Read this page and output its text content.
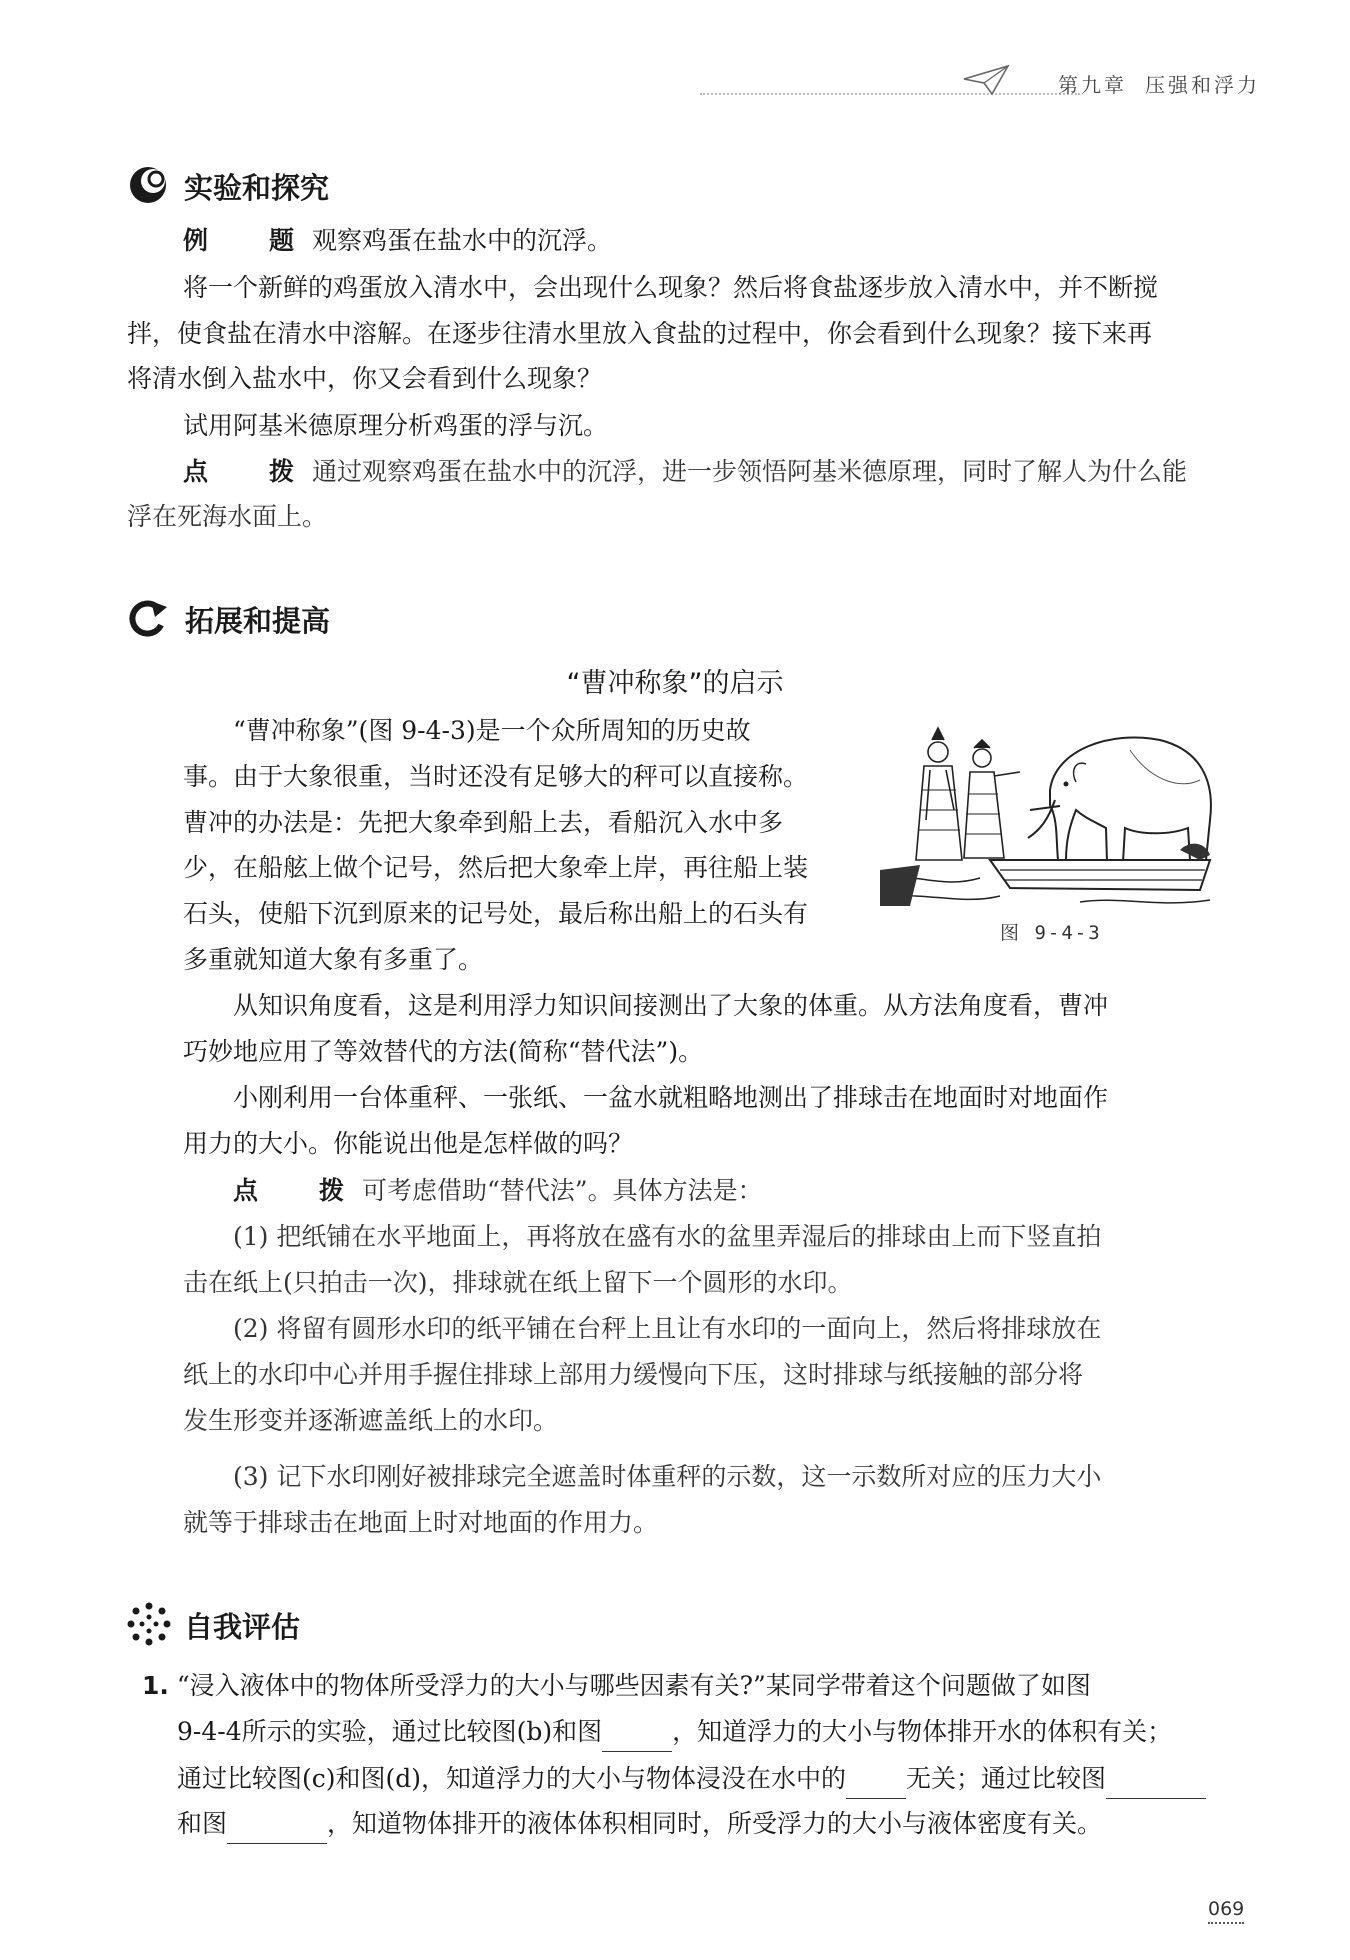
第九章 压强和浮力
实验和探究

例　题观察鸡蛋在盐水中的沉浮。

将一个新鲜的鸡蛋放入清水中，会出现什么现象？然后将食盐逐步放入清水中，并不断搅

拌，使食盐在清水中溶解。在逐步往清水里放入食盐的过程中，你会看到什么现象？接下来再

将清水倒入盐水中，你又会看到什么现象？

试用阿基米德原理分析鸡蛋的浮与沉。

点　拨通过观察鸡蛋在盐水中的沉浮，进一步领悟阿基米德原理，同时了解人为什么能

浮在死海水面上。

拓展和提高
“曹冲称象”的启示

“曹冲称象”(图 9-4-3)是一个众所周知的历史故

事。由于大象很重，当时还没有足够大的秤可以直接称。

曹冲的办法是：先把大象牵到船上去，看船沉入水中多

少，在船舷上做个记号，然后把大象牵上岸，再往船上装

石头，使船下沉到原来的记号处，最后称出船上的石头有

多重就知道大象有多重了。

图 9-4-3

从知识角度看，这是利用浮力知识间接测出了大象的体重。从方法角度看，曹冲

巧妙地应用了等效替代的方法(简称“替代法”)。

小刚利用一台体重秤、一张纸、一盆水就粗略地测出了排球击在地面时对地面作

用力的大小。你能说出他是怎样做的吗？

点　拨可考虑借助“替代法”。具体方法是：

(1) 把纸铺在水平地面上，再将放在盛有水的盆里弄湿后的排球由上而下竖直拍

击在纸上(只拍击一次)，排球就在纸上留下一个圆形的水印。

(2) 将留有圆形水印的纸平铺在台秤上且让有水印的一面向上，然后将排球放在

纸上的水印中心并用手握住排球上部用力缓慢向下压，这时排球与纸接触的部分将

发生形变并逐渐遮盖纸上的水印。

(3) 记下水印刚好被排球完全遮盖时体重秤的示数，这一示数所对应的压力大小

就等于排球击在地面上时对地面的作用力。

自我评估

1. “浸入液体中的物体所受浮力的大小与哪些因素有关?”某同学带着这个问题做了如图

9-4-4所示的实验，通过比较图(b)和图	，知道浮力的大小与物体排开水的体积有关；

通过比较图(c)和图(d)，知道浮力的大小与物体浸没在水中的 无关；通过比较图

和图	，知道物体排开的液体体积相同时，所受浮力的大小与液体密度有关。

069
